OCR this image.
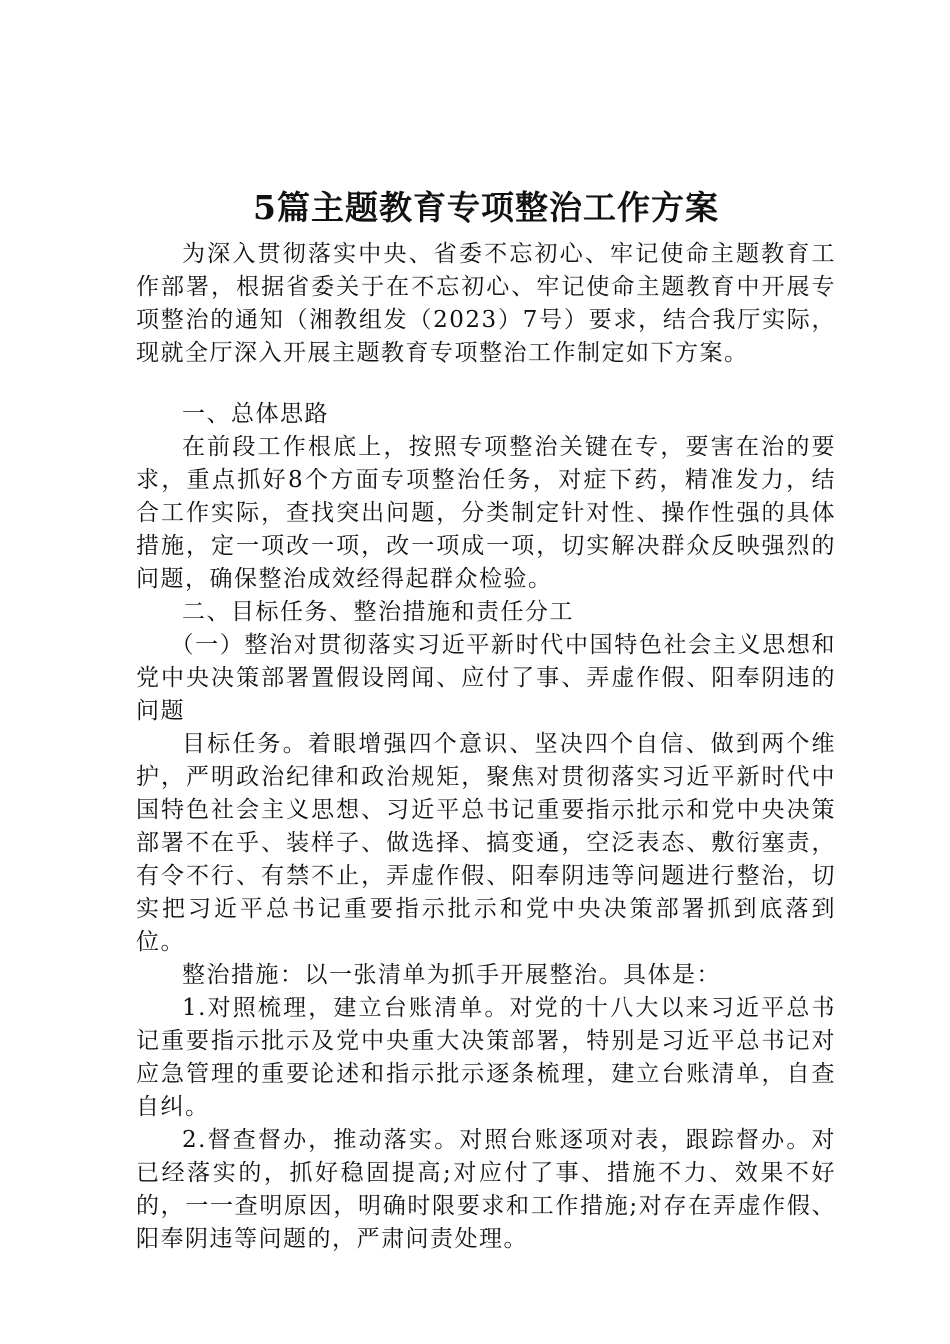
5篇主题教育专项整治工作方案

为深入贯彻落实中央、省委不忘初心、牢记使命主题教育工作部署，根据省委关于在不忘初心、牢记使命主题教育中开展专项整治的通知（湘教组发（2023）7号）要求，结合我厅实际，现就全厅深入开展主题教育专项整治工作制定如下方案。

一、总体思路

在前段工作根底上，按照专项整治关键在专，要害在治的要求，重点抓好8个方面专项整治任务，对症下药，精准发力，结合工作实际，查找突出问题，分类制定针对性、操作性强的具体措施，定一项改一项，改一项成一项，切实解决群众反映强烈的问题，确保整治成效经得起群众检验。

二、目标任务、整治措施和责任分工

（一）整治对贯彻落实习近平新时代中国特色社会主义思想和党中央决策部署置假设罔闻、应付了事、弄虚作假、阳奉阴违的问题

目标任务。着眼增强四个意识、坚决四个自信、做到两个维护，严明政治纪律和政治规矩，聚焦对贯彻落实习近平新时代中国特色社会主义思想、习近平总书记重要指示批示和党中央决策部署不在乎、装样子、做选择、搞变通，空泛表态、敷衍塞责，有令不行、有禁不止，弄虚作假、阳奉阴违等问题进行整治，切实把习近平总书记重要指示批示和党中央决策部署抓到底落到位。

整治措施：以一张清单为抓手开展整治。具体是：

1.对照梳理，建立台账清单。对党的十八大以来习近平总书记重要指示批示及党中央重大决策部署，特别是习近平总书记对应急管理的重要论述和指示批示逐条梳理，建立台账清单，自查自纠。

2.督查督办，推动落实。对照台账逐项对表，跟踪督办。对已经落实的，抓好稳固提高;对应付了事、措施不力、效果不好的，一一查明原因，明确时限要求和工作措施;对存在弄虚作假、阳奉阴违等问题的，严肃问责处理。
